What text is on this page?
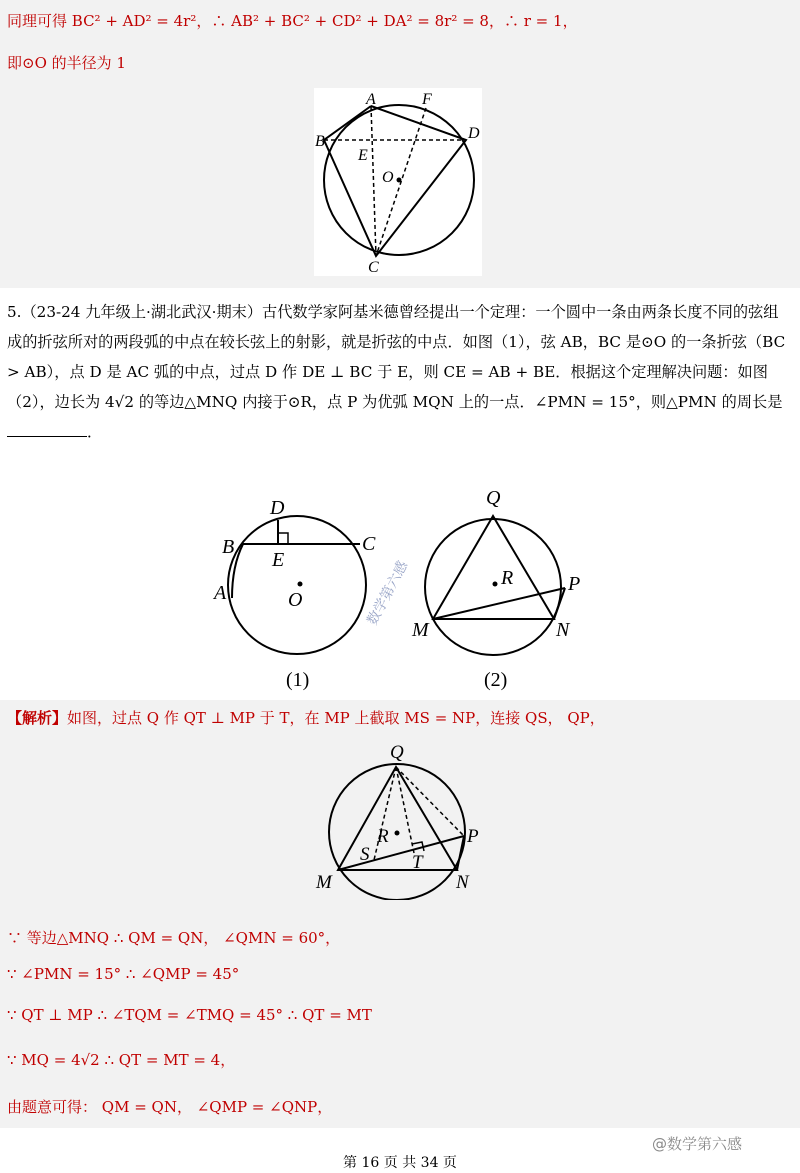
同理可得 BC² + AD² = 4r²，∴ AB² + BC² + CD² + DA² = 8r² = 8，∴ r = 1，
即⊙O 的半径为 1
A	F
B	D
E
O
C
5.（23-24 九年级上·湖北武汉·期末）古代数学家阿基米德曾经提出一个定理：一个圆中一条由两条长度不同的弦组成的折弦所对的两段弧的中点在较长弦上的射影，就是折弦的中点．如图（1），弦 AB，BC 是⊙O 的一条折弦（BC > AB），点 D 是 AC 弧的中点，过点 D 作 DE ⊥ BC 于 E，则 CE = AB + BE．根据这个定理解决问题：如图（2），边长为 4√2 的等边△MNQ 内接于⊙R，点 P 为优弧 MQN 上的一点．∠PMN = 15°，则△PMN 的周长是．
D
B	C
E
A	O
(1)
Q
R	P
M	N
(2)
数学第六感
【解析】如图，过点 Q 作 QT ⊥ MP 于 T，在 MP 上截取 MS = NP，连接 QS， QP，
Q
R
S T
P
M	N
∵ 等边△MNQ ∴ QM = QN， ∠QMN = 60°，
∵ ∠PMN = 15° ∴ ∠QMP = 45°
∵ QT ⊥ MP ∴ ∠TQM = ∠TMQ = 45° ∴ QT = MT
∵ MQ = 4√2 ∴ QT = MT = 4，
由题意可得： QM = QN， ∠QMP = ∠QNP，
@数学第六感
第 16 页 共 34 页
